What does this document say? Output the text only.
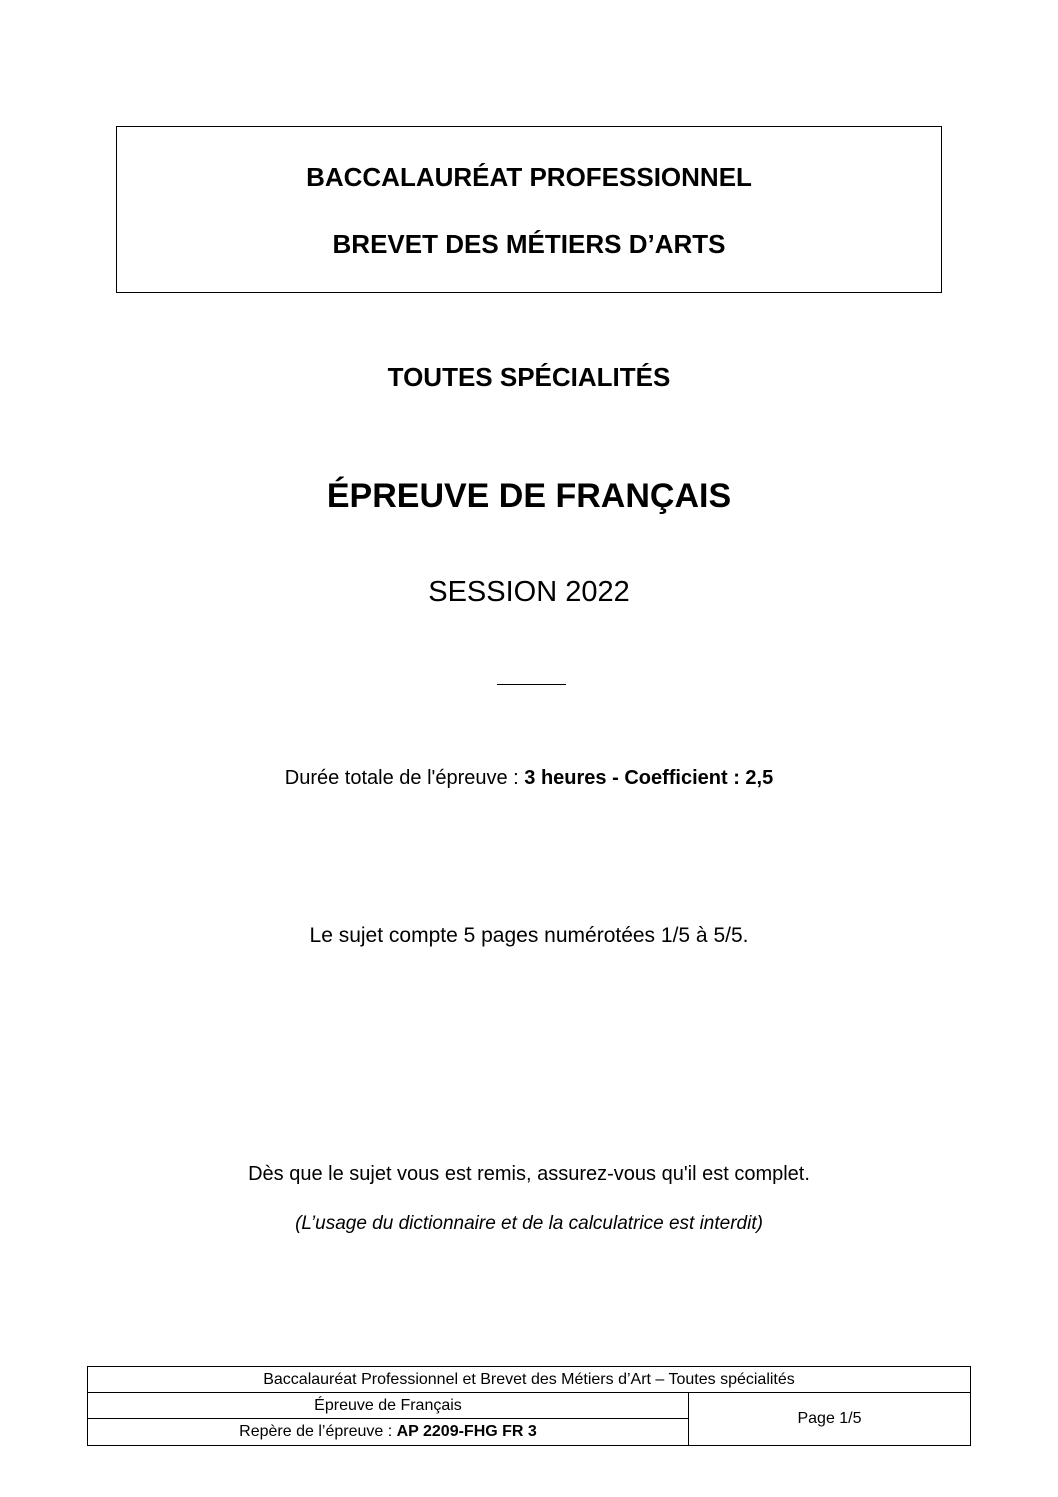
BACCALAURÉAT PROFESSIONNEL
BREVET DES MÉTIERS D’ARTS
TOUTES SPÉCIALITÉS
ÉPREUVE DE FRANÇAIS
SESSION 2022
Durée totale de l'épreuve : 3 heures - Coefficient : 2,5
Le sujet compte 5 pages numérotées 1/5 à 5/5.
Dès que le sujet vous est remis, assurez-vous qu'il est complet.
(L’usage du dictionnaire et de la calculatrice est interdit)
Baccalauréat Professionnel et Brevet des Métiers d’Art – Toutes spécialités
Épreuve de Français
Repère de l’épreuve : AP 2209-FHG FR 3
Page 1/5
